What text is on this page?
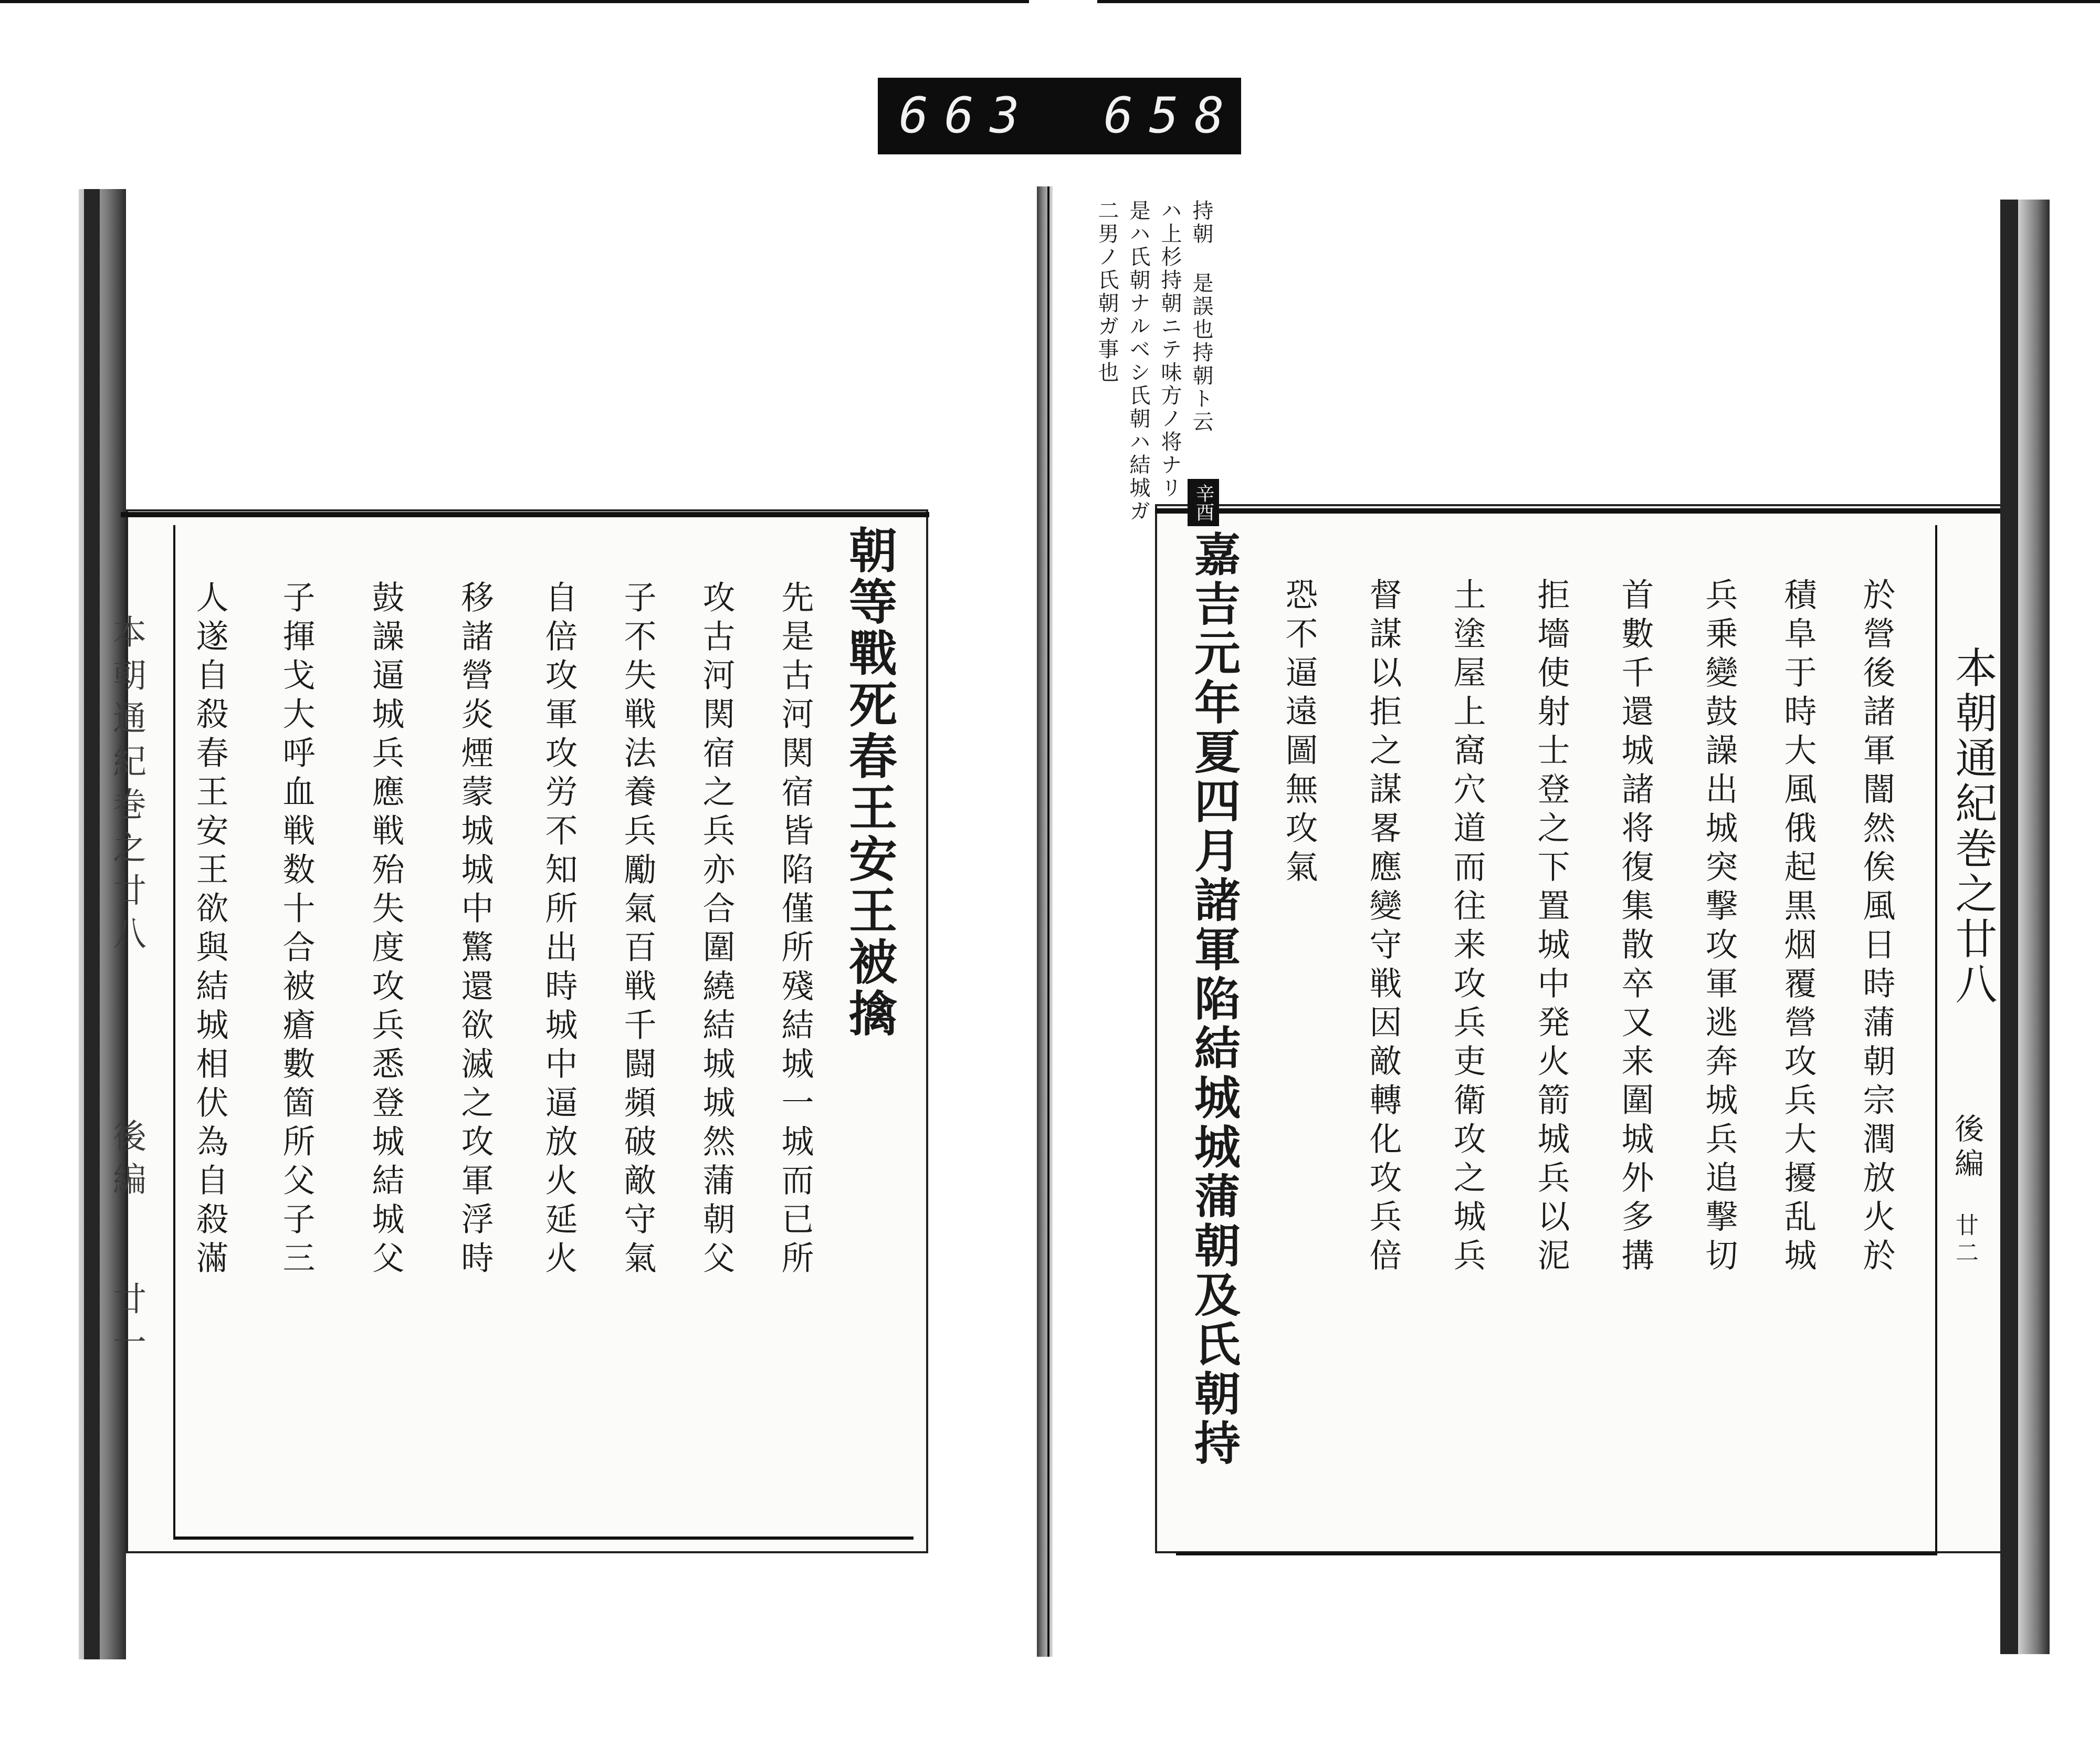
663 658
本朝通紀巻之廿八
後編
廿一
朝等戰死春王安王被擒
先是古河関宿皆陷僅所殘結城一城而已所
攻古河関宿之兵亦合圍繞結城城然蒲朝父
子不失戦法養兵勵氣百戦千闘頻破敵守氣
自倍攻軍攻労不知所出時城中逼放火延火
移諸營炎煙蒙城城中驚還欲滅之攻軍浮時
鼓譟逼城兵應戦殆失度攻兵悉登城結城父
子揮戈大呼血戦数十合被瘡數箇所父子三
人遂自殺春王安王欲與結城相伏為自殺滿
持朝 是誤也持朝ト云
ハ上杉持朝ニテ味方ノ将ナリ
是ハ氏朝ナルベシ氏朝ハ結城ガ
二男ノ氏朝ガ事也
辛酉
本朝通紀巻之廿八
後編
廿二
於營後諸軍闇然俟風日時蒲朝宗潤放火於
積阜于時大風俄起黒烟覆營攻兵大擾乱城
兵乗變鼓譟出城突撃攻軍逃奔城兵追撃切
首數千還城諸将復集散卒又来圍城外多搆
拒墻使射士登之下置城中発火箭城兵以泥
土塗屋上窩穴道而往来攻兵吏衛攻之城兵
督謀以拒之謀畧應變守戦因敵轉化攻兵倍
恐不逼遠圖無攻氣
嘉吉元年夏四月諸軍陷結城城蒲朝及氏朝持
